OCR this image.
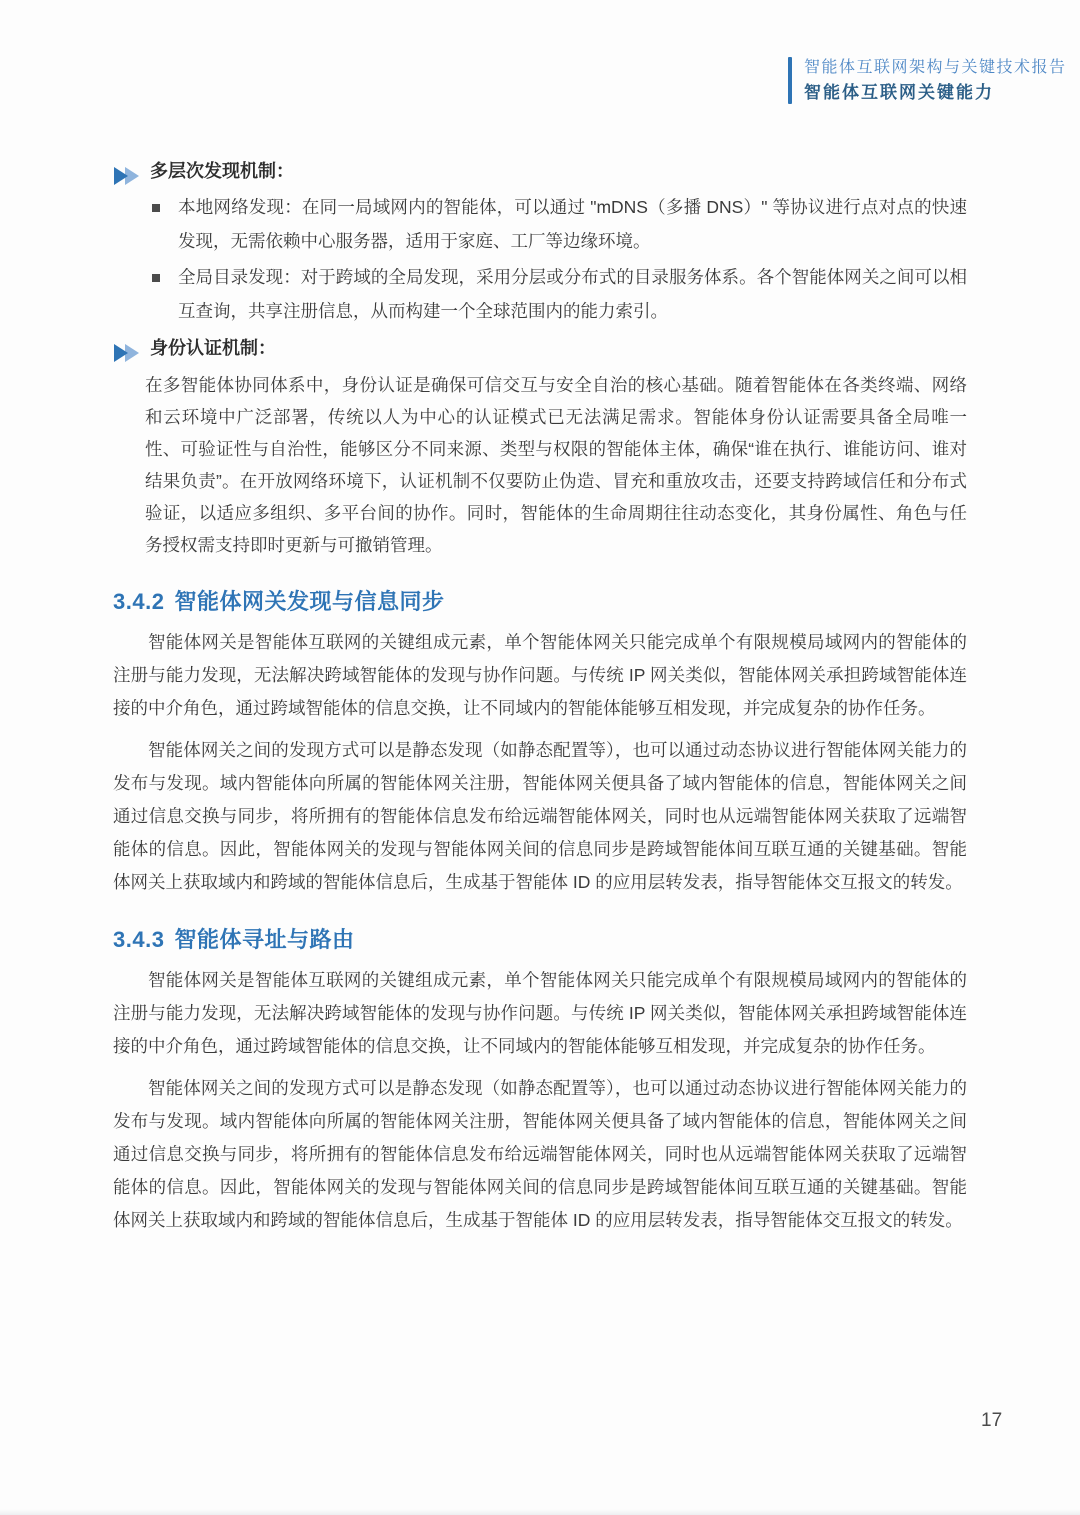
智能体互联网架构与关键技术报告
智能体互联网关键能力
多层次发现机制：
本地网络发现：在同一局域网内的智能体，可以通过 "mDNS（多播 DNS）" 等协议进行点对点的快速发现，无需依赖中心服务器，适用于家庭、工厂等边缘环境。
全局目录发现：对于跨域的全局发现，采用分层或分布式的目录服务体系。各个智能体网关之间可以相互查询，共享注册信息，从而构建一个全球范围内的能力索引。
身份认证机制：
在多智能体协同体系中，身份认证是确保可信交互与安全自治的核心基础。随着智能体在各类终端、网络和云环境中广泛部署，传统以人为中心的认证模式已无法满足需求。智能体身份认证需要具备全局唯一性、可验证性与自治性，能够区分不同来源、类型与权限的智能体主体，确保“谁在执行、谁能访问、谁对结果负责”。在开放网络环境下，认证机制不仅要防止伪造、冒充和重放攻击，还要支持跨域信任和分布式验证，以适应多组织、多平台间的协作。同时，智能体的生命周期往往动态变化，其身份属性、角色与任务授权需支持即时更新与可撤销管理。
3.4.2 智能体网关发现与信息同步
智能体网关是智能体互联网的关键组成元素，单个智能体网关只能完成单个有限规模局域网内的智能体的注册与能力发现，无法解决跨域智能体的发现与协作问题。与传统 IP 网关类似，智能体网关承担跨域智能体连接的中介角色，通过跨域智能体的信息交换，让不同域内的智能体能够互相发现，并完成复杂的协作任务。
智能体网关之间的发现方式可以是静态发现（如静态配置等），也可以通过动态协议进行智能体网关能力的发布与发现。域内智能体向所属的智能体网关注册，智能体网关便具备了域内智能体的信息，智能体网关之间通过信息交换与同步，将所拥有的智能体信息发布给远端智能体网关，同时也从远端智能体网关获取了远端智能体的信息。因此，智能体网关的发现与智能体网关间的信息同步是跨域智能体间互联互通的关键基础。智能体网关上获取域内和跨域的智能体信息后，生成基于智能体 ID 的应用层转发表，指导智能体交互报文的转发。
3.4.3 智能体寻址与路由
智能体网关是智能体互联网的关键组成元素，单个智能体网关只能完成单个有限规模局域网内的智能体的注册与能力发现，无法解决跨域智能体的发现与协作问题。与传统 IP 网关类似，智能体网关承担跨域智能体连接的中介角色，通过跨域智能体的信息交换，让不同域内的智能体能够互相发现，并完成复杂的协作任务。
智能体网关之间的发现方式可以是静态发现（如静态配置等），也可以通过动态协议进行智能体网关能力的发布与发现。域内智能体向所属的智能体网关注册，智能体网关便具备了域内智能体的信息，智能体网关之间通过信息交换与同步，将所拥有的智能体信息发布给远端智能体网关，同时也从远端智能体网关获取了远端智能体的信息。因此，智能体网关的发现与智能体网关间的信息同步是跨域智能体间互联互通的关键基础。智能体网关上获取域内和跨域的智能体信息后，生成基于智能体 ID 的应用层转发表，指导智能体交互报文的转发。
17
